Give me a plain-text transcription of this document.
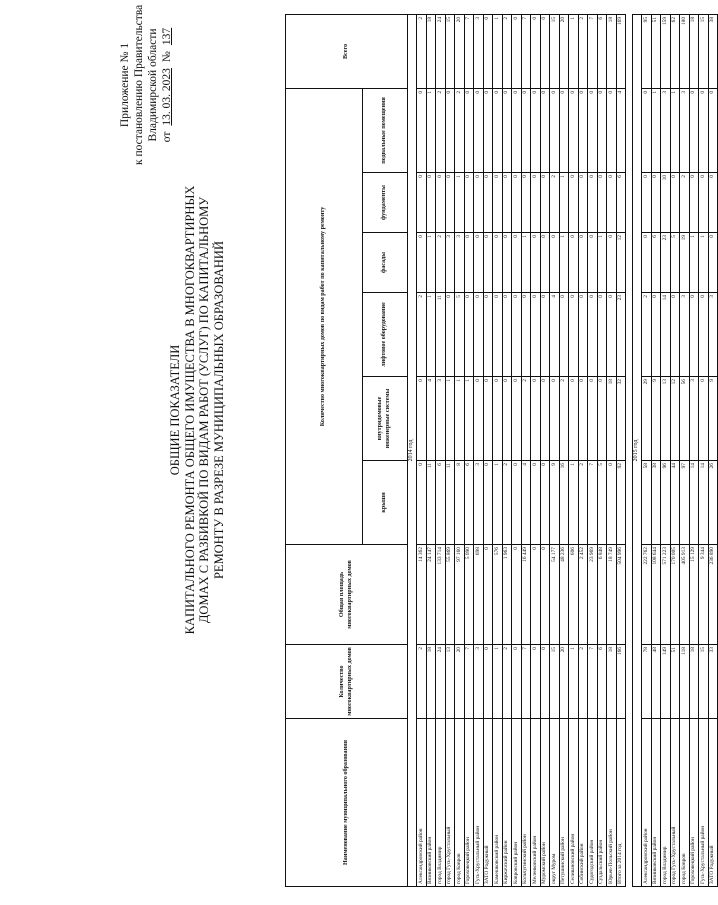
Приложение № 1 к постановлению Правительства Владимирской области от
13. 03. 2023
№
137
ОБЩИЕ ПОКАЗАТЕЛИ КАПИТАЛЬНОГО РЕМОНТА ОБЩЕГО ИМУЩЕСТВА В МНОГОКВАРТИРНЫХ ДОМАХ С РАЗБИВКОЙ ПО ВИДАМ РАБОТ (УСЛУГ) ПО КАПИТАЛЬНОМУ РЕМОНТУ В РАЗРЕЗЕ МУНИЦИПАЛЬНЫХ ОБРАЗОВАНИЙ
Наименование муниципального образования	Количество многоквартирных домов	Общая площадь многоквартирных домов	Количество многоквартирных домов по видам работ по капитальному ремонту						Всего
			крыши	внутридомовые инженерные системы	лифтовое оборудование	фасады	фундаменты	подвальные помещения	
2014 год									
Александровский район	2	14 362	0	0	2	0	0	0	2
Вязниковский район	18	24 147	11	4	1	1	0	1	18
город Владимир	24	133 714	6	3	11	2	0	2	24
город Гусь-Хрустальный	13	55 869	11	1	0	3	0	0	15
город Ковров	20	97 160	8	1	5	3	1	2	20
Гороховецкий район	7	5 090	6	1	0	0	0	0	7
Гусь-Хрустальный район	3	698	3	0	0	0	0	0	3
ЗАТО Радужный	0	0	0	0	0	0	0	0	0
Камешковский район	1	576	1	0	0	0	0	0	1
Киржачский район	2	1 963	2	0	0	0	0	0	2
Ковровский район	0	0	0	0	0	0	0	0	0
Кольчугинский район	7	16 449	4	2	0	1	0	0	7
Меленковский район	0	0	0	0	0	0	0	0	0
Муромский район	0	0	0	0	0	0	0	0	0
округ Муром	15	54 177	9	0	4	0	2	0	15
Петушинский район	20	48 236	16	2	0	1	1	0	20
Селивановский район	1	606	1	0	0	0	0	0	1
Собинский район	2	2 452	2	0	0	0	0	0	2
Судогодский район	7	23 969	7	0	0	0	0	0	7
Суздальский район	6	6 848	5	0	0	1	0	0	6
Юрьев-Польский район	18	18 749	0	18	0	0	0	0	18
Итого за 2014 год	166	504 996	92	32	23	12	6	4	169

2015 год									
Александровский район	78	222 762	58	29	2	0	0	0	95
Вязниковский район	48	108 644	38	9	0	6	0	1	51
город Владимир	149	571 223	96	13	14	23	10	3	159
город Гусь-Хрустальный	51	170 005	44	12	0	5	0	1	62
город Ковров	118	405 913	97	56	3	19	2	3	180
Гороховецкий район	18	15 129	14	3	0	1	0	0	18
Гусь-Хрустальный район	15	9 344	14	0	0	1	0	0	15
ЗАТО Радужный	33	236 890	26	9	3	0	0	0	38
